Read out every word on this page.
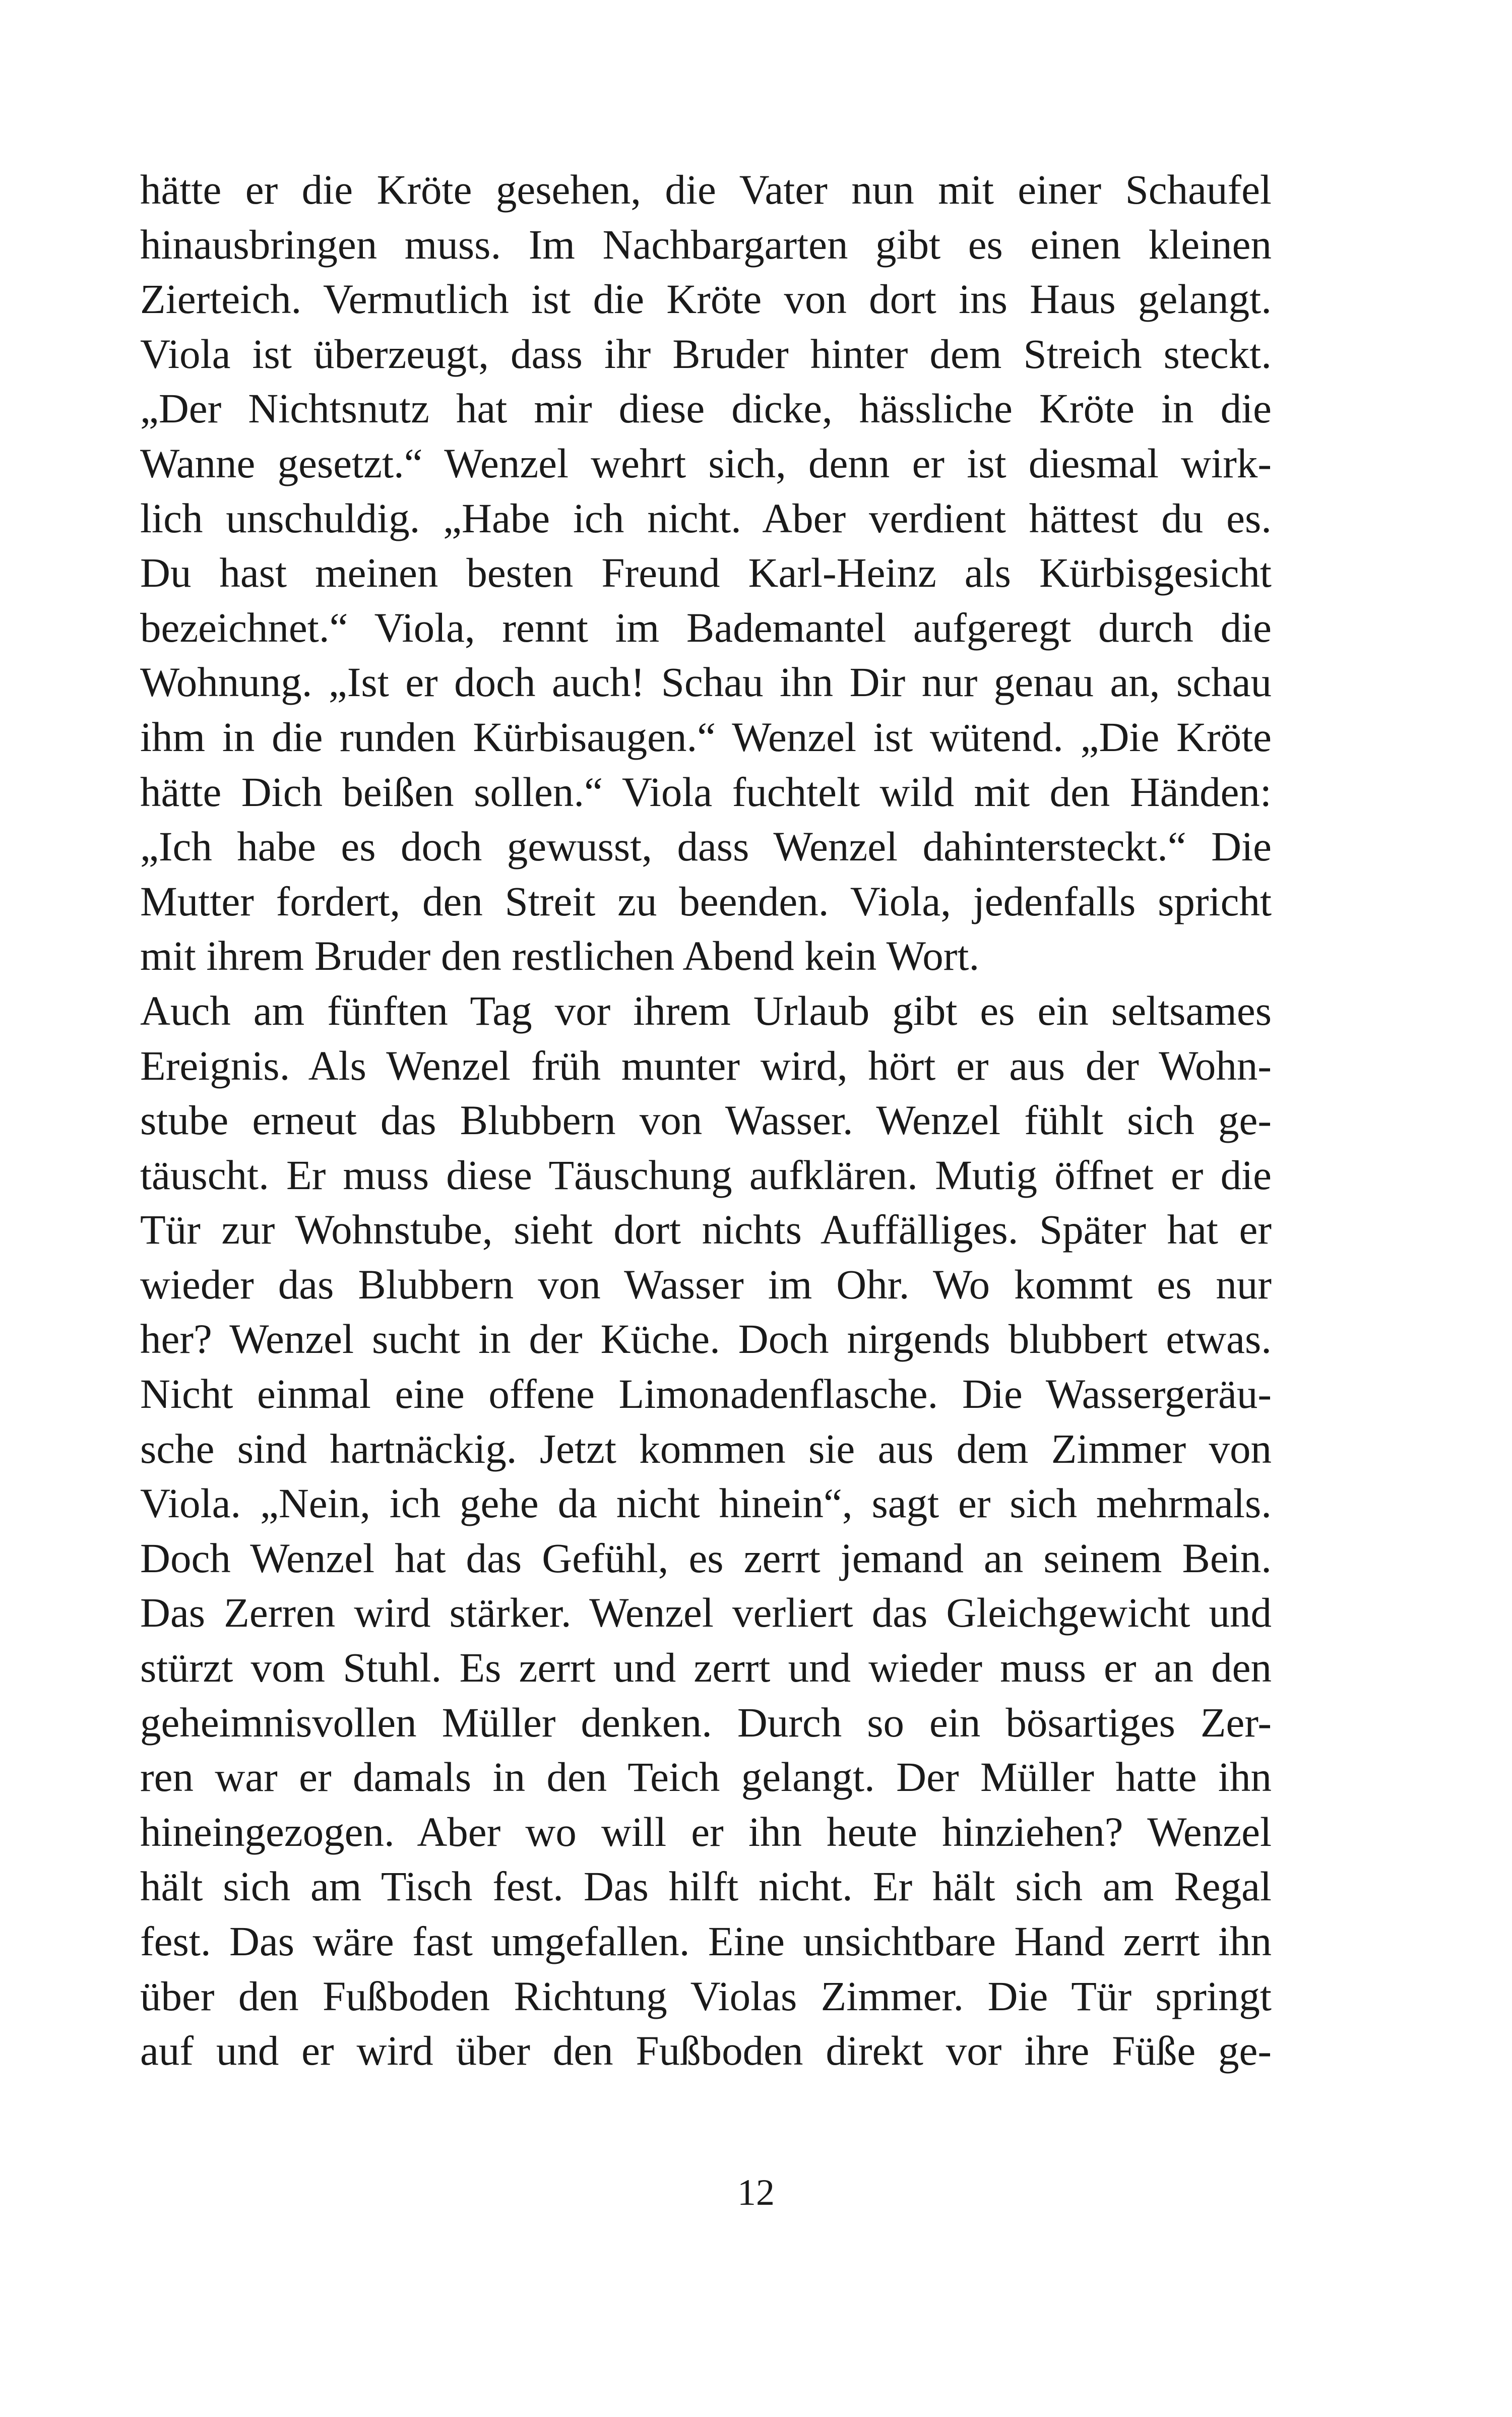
hätte er die Kröte gesehen, die Vater nun mit einer Schaufel
hinausbringen muss. Im Nachbargarten gibt es einen kleinen
Zierteich. Vermutlich ist die Kröte von dort ins Haus gelangt.
Viola ist überzeugt, dass ihr Bruder hinter dem Streich steckt.
„Der Nichtsnutz hat mir diese dicke, hässliche Kröte in die
Wanne gesetzt.“ Wenzel wehrt sich, denn er ist diesmal wirk-
lich unschuldig. „Habe ich nicht. Aber verdient hättest du es.
Du hast meinen besten Freund Karl-Heinz als Kürbisgesicht
bezeichnet.“ Viola, rennt im Bademantel aufgeregt durch die
Wohnung. „Ist er doch auch! Schau ihn Dir nur genau an, schau
ihm in die runden Kürbisaugen.“ Wenzel ist wütend. „Die Kröte
hätte Dich beißen sollen.“ Viola fuchtelt wild mit den Händen:
„Ich habe es doch gewusst, dass Wenzel dahintersteckt.“ Die
Mutter fordert, den Streit zu beenden. Viola, jedenfalls spricht
mit ihrem Bruder den restlichen Abend kein Wort.
Auch am fünften Tag vor ihrem Urlaub gibt es ein seltsames
Ereignis. Als Wenzel früh munter wird, hört er aus der Wohn-
stube erneut das Blubbern von Wasser. Wenzel fühlt sich ge-
täuscht. Er muss diese Täuschung aufklären. Mutig öffnet er die
Tür zur Wohnstube, sieht dort nichts Auffälliges. Später hat er
wieder das Blubbern von Wasser im Ohr. Wo kommt es nur
her? Wenzel sucht in der Küche. Doch nirgends blubbert etwas.
Nicht einmal eine offene Limonadenflasche. Die Wassergeräu-
sche sind hartnäckig. Jetzt kommen sie aus dem Zimmer von
Viola. „Nein, ich gehe da nicht hinein“, sagt er sich mehrmals.
Doch Wenzel hat das Gefühl, es zerrt jemand an seinem Bein.
Das Zerren wird stärker. Wenzel verliert das Gleichgewicht und
stürzt vom Stuhl. Es zerrt und zerrt und wieder muss er an den
geheimnisvollen Müller denken. Durch so ein bösartiges Zer-
ren war er damals in den Teich gelangt. Der Müller hatte ihn
hineingezogen. Aber wo will er ihn heute hinziehen? Wenzel
hält sich am Tisch fest. Das hilft nicht. Er hält sich am Regal
fest. Das wäre fast umgefallen. Eine unsichtbare Hand zerrt ihn
über den Fußboden Richtung Violas Zimmer. Die Tür springt
auf und er wird über den Fußboden direkt vor ihre Füße ge-
12
